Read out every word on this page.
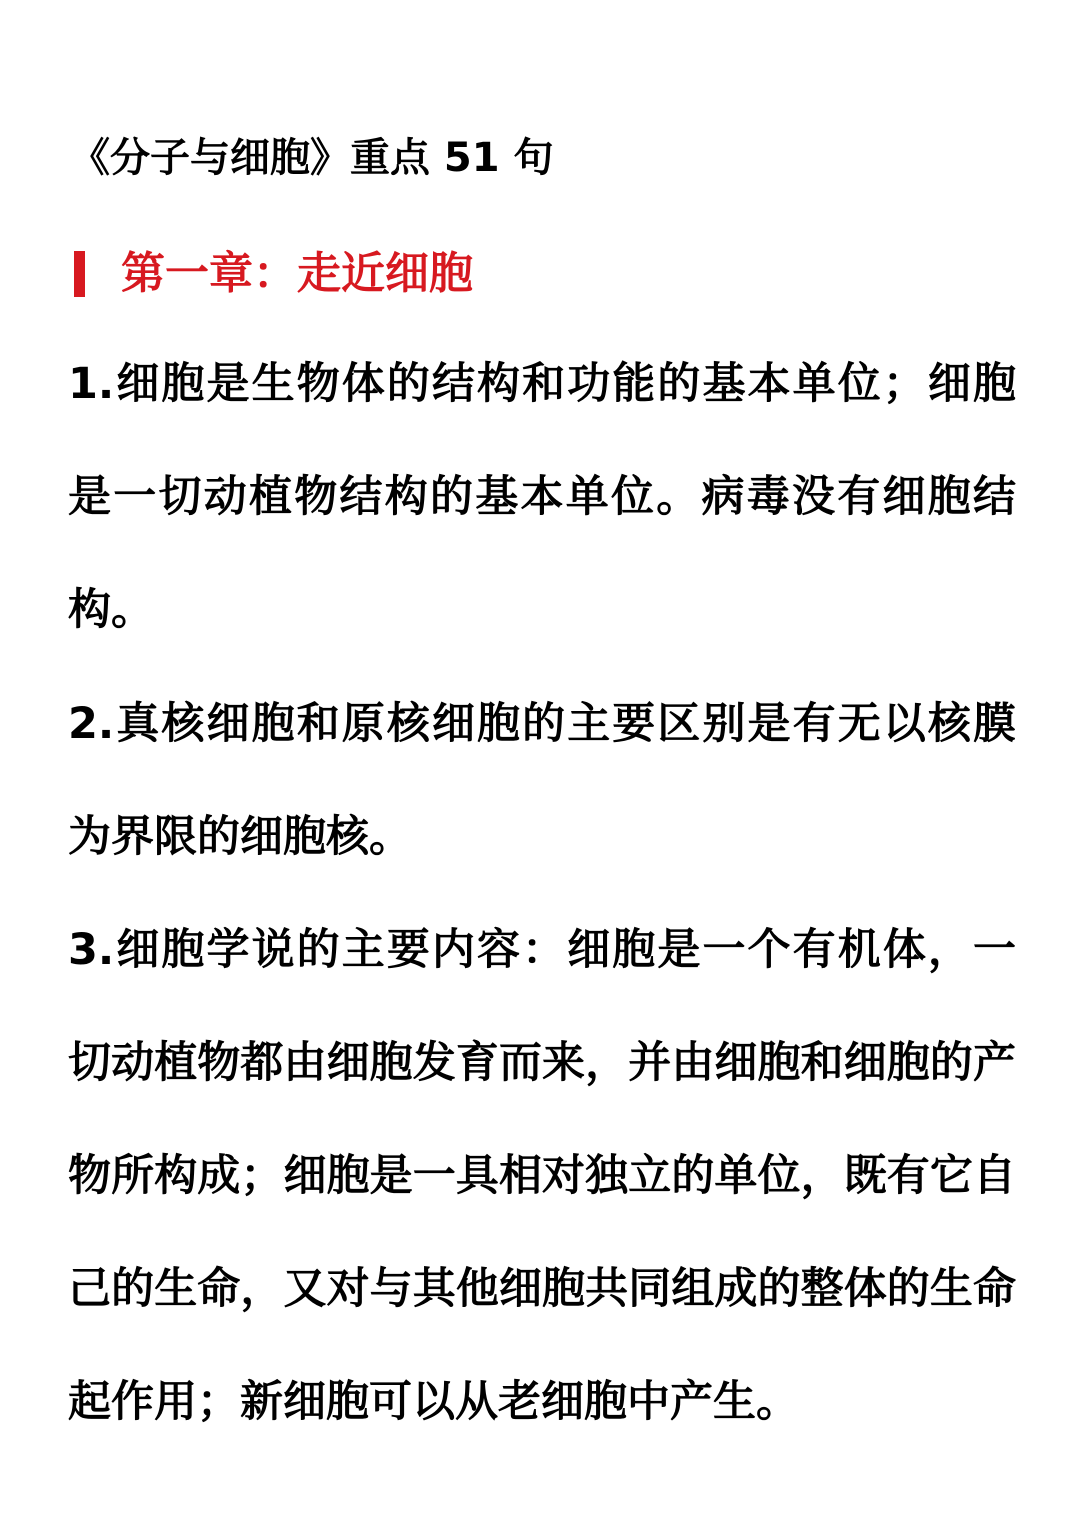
《分子与细胞》重点 51 句
第一章：走近细胞
1.细胞是生物体的结构和功能的基本单位；细胞是一切动植物结构的基本单位。病毒没有细胞结构。
2.真核细胞和原核细胞的主要区别是有无以核膜为界限的细胞核。
3.细胞学说的主要内容：细胞是一个有机体，一切动植物都由细胞发育而来，并由细胞和细胞的产物所构成；细胞是一具相对独立的单位，既有它自己的生命，又对与其他细胞共同组成的整体的生命起作用；新细胞可以从老细胞中产生。
